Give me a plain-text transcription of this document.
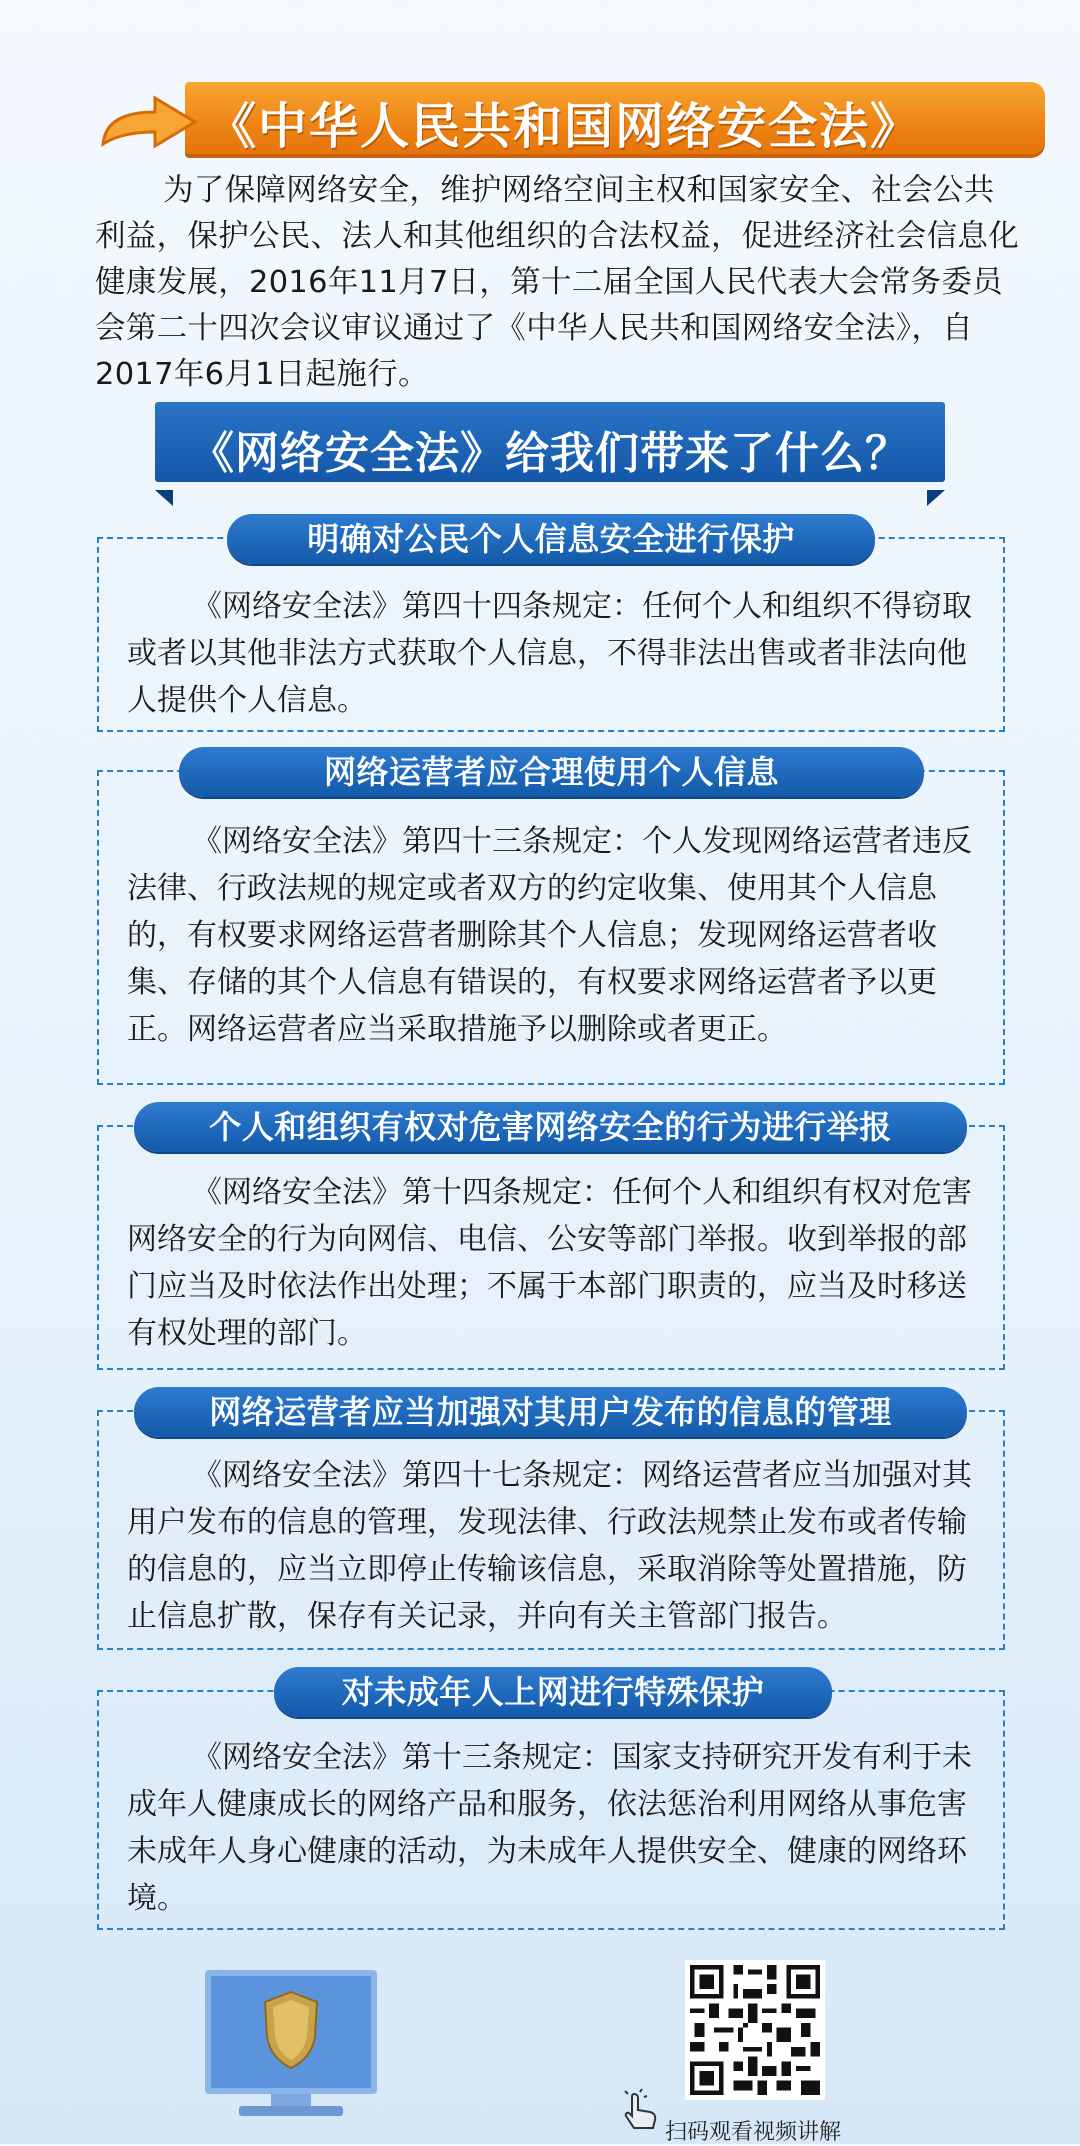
《中华人民共和国网络安全法》
为了保障网络安全，维护网络空间主权和国家安全、社会公共利益，保护公民、法人和其他组织的合法权益，促进经济社会信息化健康发展，2016年11月7日，第十二届全国人民代表大会常务委员会第二十四次会议审议通过了《中华人民共和国网络安全法》，自2017年6月1日起施行。
《网络安全法》给我们带来了什么？
明确对公民个人信息安全进行保护
《网络安全法》第四十四条规定：任何个人和组织不得窃取或者以其他非法方式获取个人信息，不得非法出售或者非法向他人提供个人信息。
网络运营者应合理使用个人信息
《网络安全法》第四十三条规定：个人发现网络运营者违反法律、行政法规的规定或者双方的约定收集、使用其个人信息的，有权要求网络运营者删除其个人信息；发现网络运营者收集、存储的其个人信息有错误的，有权要求网络运营者予以更正。网络运营者应当采取措施予以删除或者更正。
个人和组织有权对危害网络安全的行为进行举报
《网络安全法》第十四条规定：任何个人和组织有权对危害网络安全的行为向网信、电信、公安等部门举报。收到举报的部门应当及时依法作出处理；不属于本部门职责的，应当及时移送有权处理的部门。
网络运营者应当加强对其用户发布的信息的管理
《网络安全法》第四十七条规定：网络运营者应当加强对其用户发布的信息的管理，发现法律、行政法规禁止发布或者传输的信息的，应当立即停止传输该信息，采取消除等处置措施，防止信息扩散，保存有关记录，并向有关主管部门报告。
对未成年人上网进行特殊保护
《网络安全法》第十三条规定：国家支持研究开发有利于未成年人健康成长的网络产品和服务，依法惩治利用网络从事危害未成年人身心健康的活动，为未成年人提供安全、健康的网络环境。
扫码观看视频讲解
